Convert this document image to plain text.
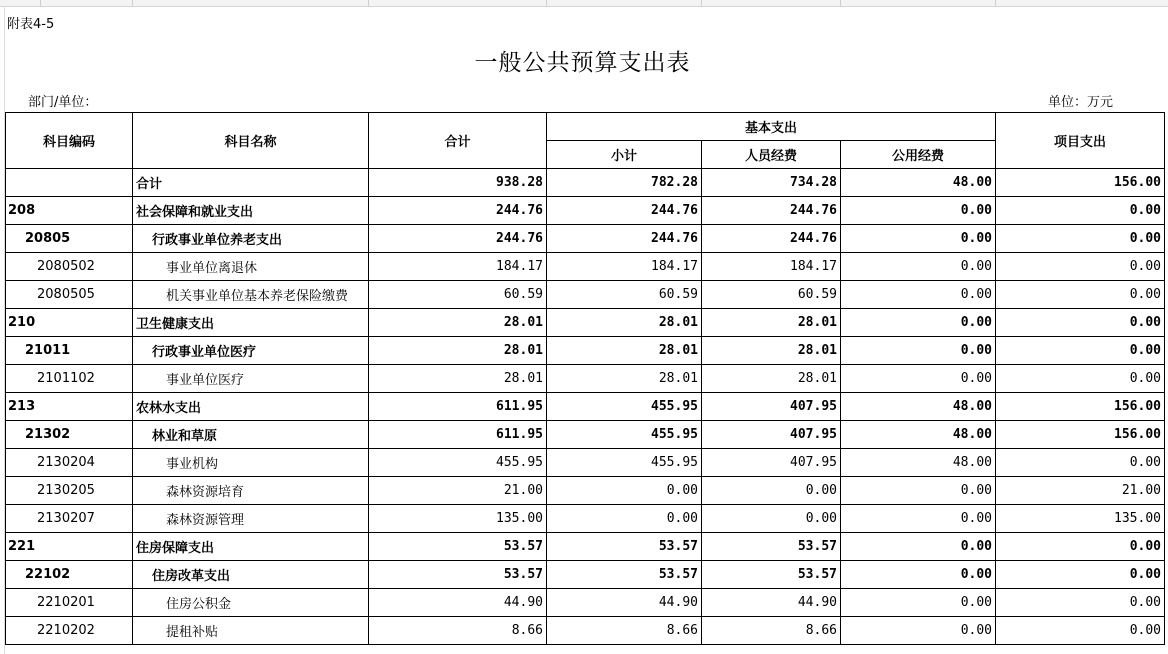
附表4-5
一般公共预算支出表
部门/单位：	单位：万元
科目编码	科目名称	合计	基本支出			项目支出
			小计	人员经费	公用经费	
	合计	938.28	782.28	734.28	48.00	156.00
208	社会保障和就业支出	244.76	244.76	244.76	0.00	0.00
20805	行政事业单位养老支出	244.76	244.76	244.76	0.00	0.00
2080502	事业单位离退休	184.17	184.17	184.17	0.00	0.00
2080505	机关事业单位基本养老保险缴费	60.59	60.59	60.59	0.00	0.00
210	卫生健康支出	28.01	28.01	28.01	0.00	0.00
21011	行政事业单位医疗	28.01	28.01	28.01	0.00	0.00
2101102	事业单位医疗	28.01	28.01	28.01	0.00	0.00
213	农林水支出	611.95	455.95	407.95	48.00	156.00
21302	林业和草原	611.95	455.95	407.95	48.00	156.00
2130204	事业机构	455.95	455.95	407.95	48.00	0.00
2130205	森林资源培育	21.00	0.00	0.00	0.00	21.00
2130207	森林资源管理	135.00	0.00	0.00	0.00	135.00
221	住房保障支出	53.57	53.57	53.57	0.00	0.00
22102	住房改革支出	53.57	53.57	53.57	0.00	0.00
2210201	住房公积金	44.90	44.90	44.90	0.00	0.00
2210202	提租补贴	8.66	8.66	8.66	0.00	0.00
